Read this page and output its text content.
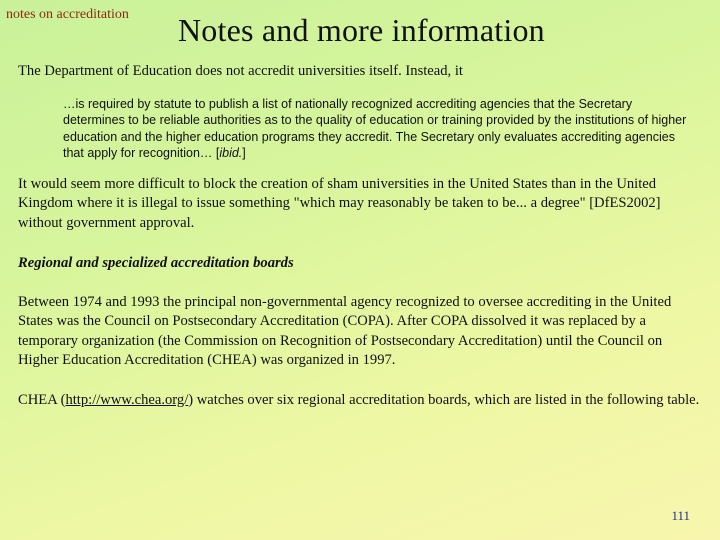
notes on accreditation Notes and more information

The Department of Education does not accredit universities itself. Instead, it

…is required by statute to publish a list of nationally recognized accrediting agencies that the Secretary determines to be reliable authorities as to the quality of education or training provided by the institutions of higher education and the higher education programs they accredit. The Secretary only evaluates accrediting agencies that apply for recognition… [ibid.]

It would seem more difficult to block the creation of sham universities in the United States than in the United Kingdom where it is illegal to issue something "which may reasonably be taken to be... a degree" [DfES2002] without government approval.

Regional and specialized accreditation boards

Between 1974 and 1993 the principal non-governmental agency recognized to oversee accrediting in the United States was the Council on Postsecondary Accreditation (COPA). After COPA dissolved it was replaced by a temporary organization (the Commission on Recognition of Postsecondary Accreditation) until the Council on Higher Education Accreditation (CHEA) was organized in 1997.

CHEA (http://www.chea.org/) watches over six regional accreditation boards, which are listed in the following table.

111
